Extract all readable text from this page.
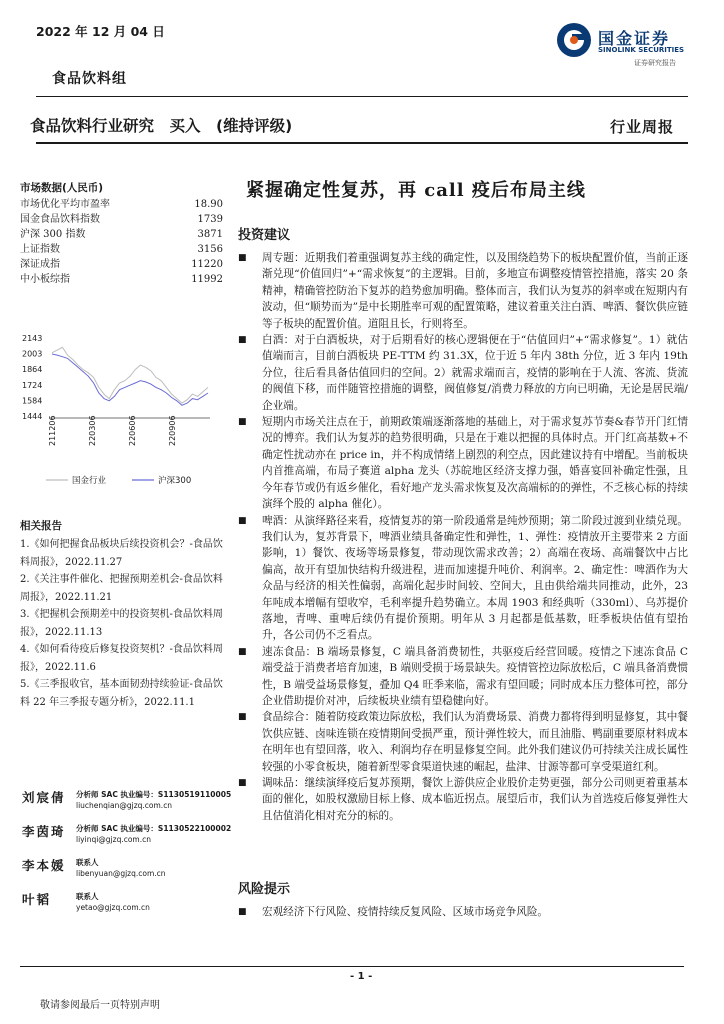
2022 年 12 月 04 日
食品饮料组
国金证券
SINOLINK SECURITIES
证券研究报告
食品饮料行业研究　买入　(维持评级)	行业周报
市场数据(人民币)
市场优化平均市盈率	18.90
国金食品饮料指数	1739
沪深 300 指数	3871
上证指数	3156
深证成指	11220
中小板综指	11992
2143
2003
1864
1724
1584
1444 211206	220306	220606	220906
国金行业	沪深300
相关报告
1.《如何把握食品板块后续投资机会？-食品饮料周报》，2022.11.27
2.《关注事件催化、把握预期差机会-食品饮料周报》，2022.11.21
3.《把握机会预期差中的投资契机-食品饮料周报》，2022.11.13
4.《如何看待疫后修复投资契机？-食品饮料周报》，2022.11.6
5.《三季报收官，基本面韧劲持续验证-食品饮料 22 年三季报专题分析》，2022.11.1
刘宸倩 分析师 SAC 执业编号：S1130519110005
liuchenqian@gjzq.com.cn
李茵琦 分析师 SAC 执业编号：S1130522100002
liyinqi@gjzq.com.cn
李本媛 联系人
libenyuan@gjzq.com.cn
叶韬	联系人
yetao@gjzq.com.cn
紧握确定性复苏，再 call 疫后布局主线
投资建议
■ 周专题：近期我们着重强调复苏主线的确定性，以及围绕趋势下的板块配置价值，当前正逐渐兑现“价值回归”+“需求恢复”的主逻辑。目前，多地宣布调整疫情管控措施，落实 20 条精神，精确管控防治下复苏的趋势愈加明确。整体而言，我们认为复苏的斜率或在短期内有波动，但“顺势而为”是中长期胜率可观的配置策略，建议着重关注白酒、啤酒、餐饮供应链等子板块的配置价值。道阻且长，行则将至。
■ 白酒：对于白酒板块，对于后期看好的核心逻辑便在于“估值回归”+“需求修复”。1）就估值端而言，目前白酒板块 PE-TTM 约 31.3X，位于近 5 年内 38th 分位，近 3 年内 19th 分位，往后看具备估值回归的空间。2）就需求端而言，疫情的影响在于人流、客流、货流的阀值下移，而伴随管控措施的调整，阀值修复/消费力释放的方向已明确，无论是居民端/企业端。
■ 短期内市场关注点在于，前期政策端逐渐落地的基础上，对于需求复苏节奏&春节开门红情况的博弈。我们认为复苏的趋势很明确，只是在于难以把握的具体时点。开门红高基数+不确定性扰动亦在 price in，并不构成情绪上剧烈的利空点，因此建议持有中增配。当前板块内首推高端，布局子赛道 alpha 龙头（苏皖地区经济支撑力强，婚喜宴回补确定性强，且今年春节或仍有返乡催化，看好地产龙头需求恢复及次高端标的的弹性，不乏核心标的持续演绎个股的 alpha 催化）。
■ 啤酒：从演绎路径来看，疫情复苏的第一阶段通常是纯炒预期；第二阶段过渡到业绩兑现。我们认为，复苏背景下，啤酒业绩具备确定性和弹性，1、弹性：疫情放开主要带来 2 方面影响，1）餐饮、夜场等场景修复，带动现饮需求改善；2）高端在夜场、高端餐饮中占比偏高，故开有望加快结构升级进程，进而加速提升吨价、利润率。2、确定性：啤酒作为大众品与经济的相关性偏弱，高端化起步时间较、空间大，且由供给端共同推动，此外，23 年吨成本增幅有望收窄，毛利率提升趋势确立。本周 1903 和经典听（330ml）、乌苏提价落地，青啤、重啤后续仍有提价预期。明年从 3 月起都是低基数，旺季板块估值有望抬升，各公司仍不乏看点。
■ 速冻食品：B 端场景修复，C 端具备消费韧性，共驱疫后经营回暖。疫情之下速冻食品 C 端受益于消费者培育加速，B 端则受损于场景缺失。疫情管控边际放松后，C 端具备消费惯性，B 端受益场景修复，叠加 Q4 旺季来临，需求有望回暖；同时成本压力整体可控，部分企业借助提价对冲，后续板块业绩有望稳健向好。
■ 食品综合：随着防疫政策边际放松，我们认为消费场景、消费力都将得到明显修复，其中餐饮供应链、卤味连锁在疫情期间受损严重，预计弹性较大，而且油脂、鸭副重要原材料成本在明年也有望回落，收入、利润均存在明显修复空间。此外我们建议仍可持续关注成长属性较强的小零食板块，随着新型零食渠道快速的崛起，盐津、甘源等都可享受渠道红利。
■ 调味品：继续演绎疫后复苏预期，餐饮上游供应企业股价走势更强，部分公司则更着重基本面的催化，如股权激励目标上修、成本临近拐点。展望后市，我们认为首选疫后修复弹性大且估值消化相对充分的标的。
风险提示
■ 宏观经济下行风险、疫情持续反复风险、区域市场竞争风险。
- 1 -
敬请参阅最后一页特别声明
